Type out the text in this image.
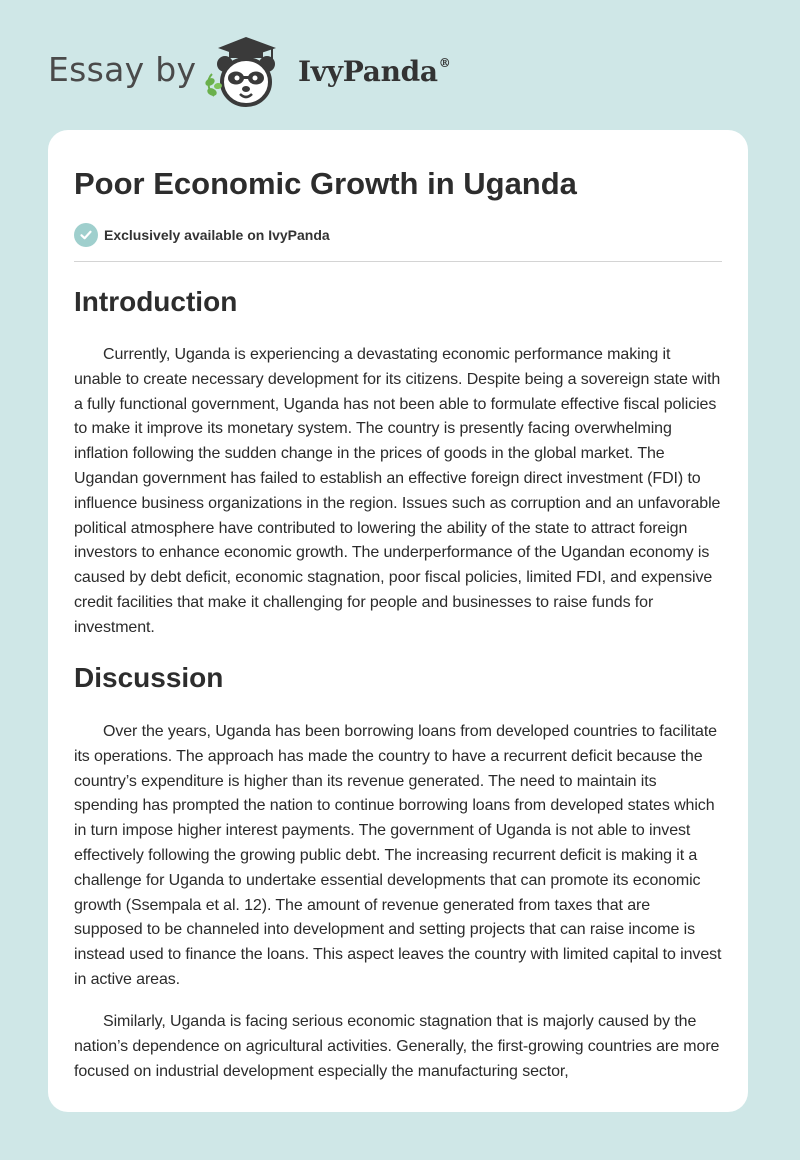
Essay by	IvyPanda®
Poor Economic Growth in Uganda
Exclusively available on IvyPanda
Introduction

Currently, Uganda is experiencing a devastating economic performance making it unable to create necessary development for its citizens. Despite being a sovereign state with a fully functional government, Uganda has not been able to formulate effective fiscal policies to make it improve its monetary system. The country is presently facing overwhelming inflation following the sudden change in the prices of goods in the global market. The Ugandan government has failed to establish an effective foreign direct investment (FDI) to influence business organizations in the region. Issues such as corruption and an unfavorable political atmosphere have contributed to lowering the ability of the state to attract foreign investors to enhance economic growth. The underperformance of the Ugandan economy is caused by debt deficit, economic stagnation, poor fiscal policies, limited FDI, and expensive credit facilities that make it challenging for people and businesses to raise funds for investment.

Discussion

Over the years, Uganda has been borrowing loans from developed countries to facilitate its operations. The approach has made the country to have a recurrent deficit because the country’s expenditure is higher than its revenue generated. The need to maintain its spending has prompted the nation to continue borrowing loans from developed states which in turn impose higher interest payments. The government of Uganda is not able to invest effectively following the growing public debt. The increasing recurrent deficit is making it a challenge for Uganda to undertake essential developments that can promote its economic growth (Ssempala et al. 12). The amount of revenue generated from taxes that are supposed to be channeled into development and setting projects that can raise income is instead used to finance the loans. This aspect leaves the country with limited capital to invest in active areas.

Similarly, Uganda is facing serious economic stagnation that is majorly caused by the nation’s dependence on agricultural activities. Generally, the first-growing countries are more focused on industrial development especially the manufacturing sector,
